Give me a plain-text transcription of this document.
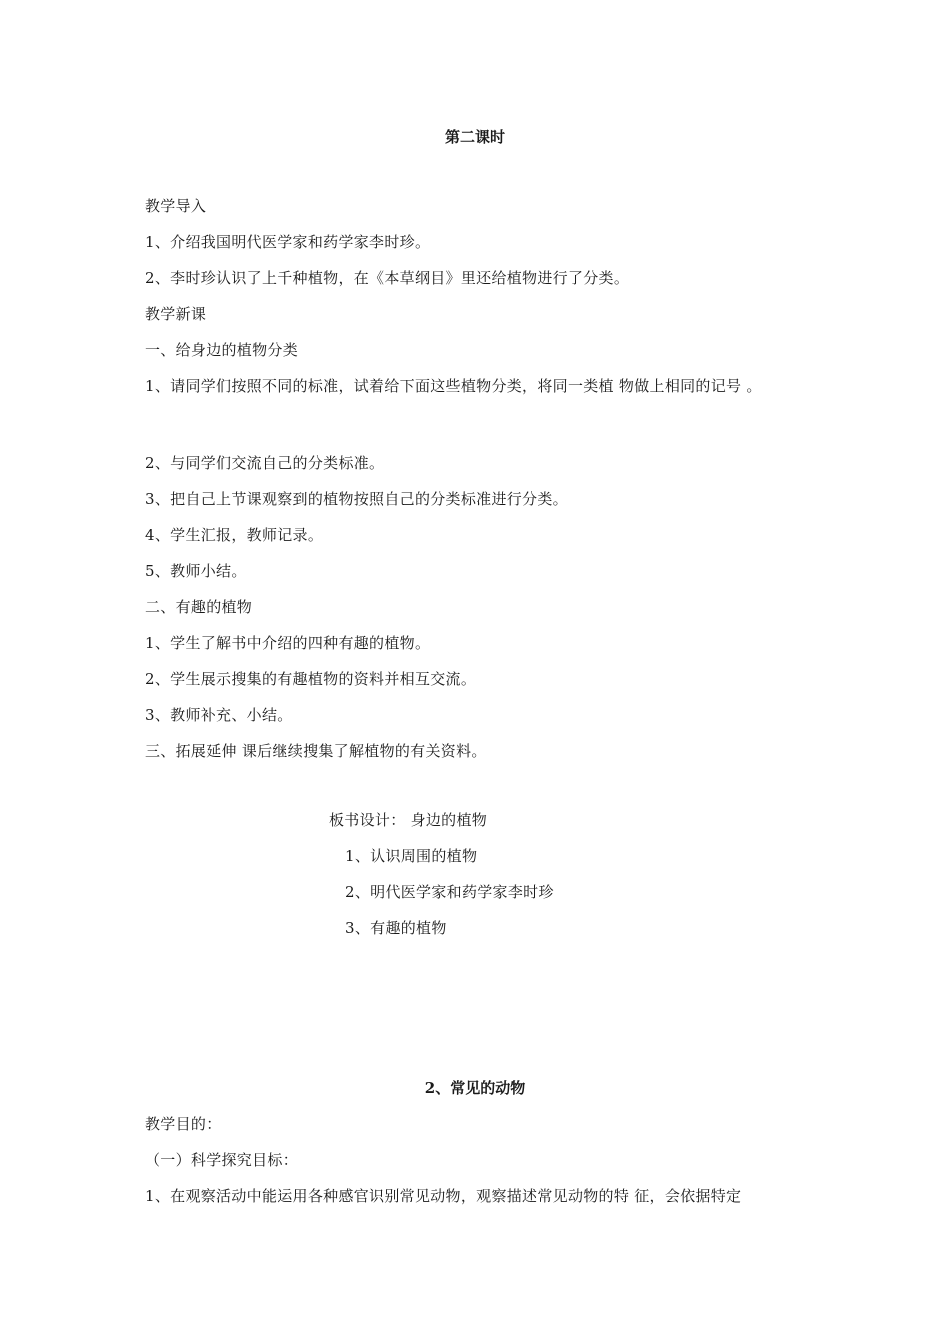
第二课时
教学导入
1、介绍我国明代医学家和药学家李时珍。
2、李时珍认识了上千种植物，在《本草纲目》里还给植物进行了分类。
教学新课
一、给身边的植物分类
1、请同学们按照不同的标准，试着给下面这些植物分类，将同一类植 物做上相同的记号 。
2、与同学们交流自己的分类标准。
3、把自己上节课观察到的植物按照自己的分类标准进行分类。
4、学生汇报，教师记录。
5、教师小结。
二、有趣的植物
1、学生了解书中介绍的四种有趣的植物。
2、学生展示搜集的有趣植物的资料并相互交流。
3、教师补充、小结。
三、拓展延伸 课后继续搜集了解植物的有关资料。
板书设计： 身边的植物
1、认识周围的植物
2、明代医学家和药学家李时珍
3、有趣的植物
2、常见的动物
教学目的：
（一）科学探究目标：
1、在观察活动中能运用各种感官识别常见动物，观察描述常见动物的特 征，会依据特定
